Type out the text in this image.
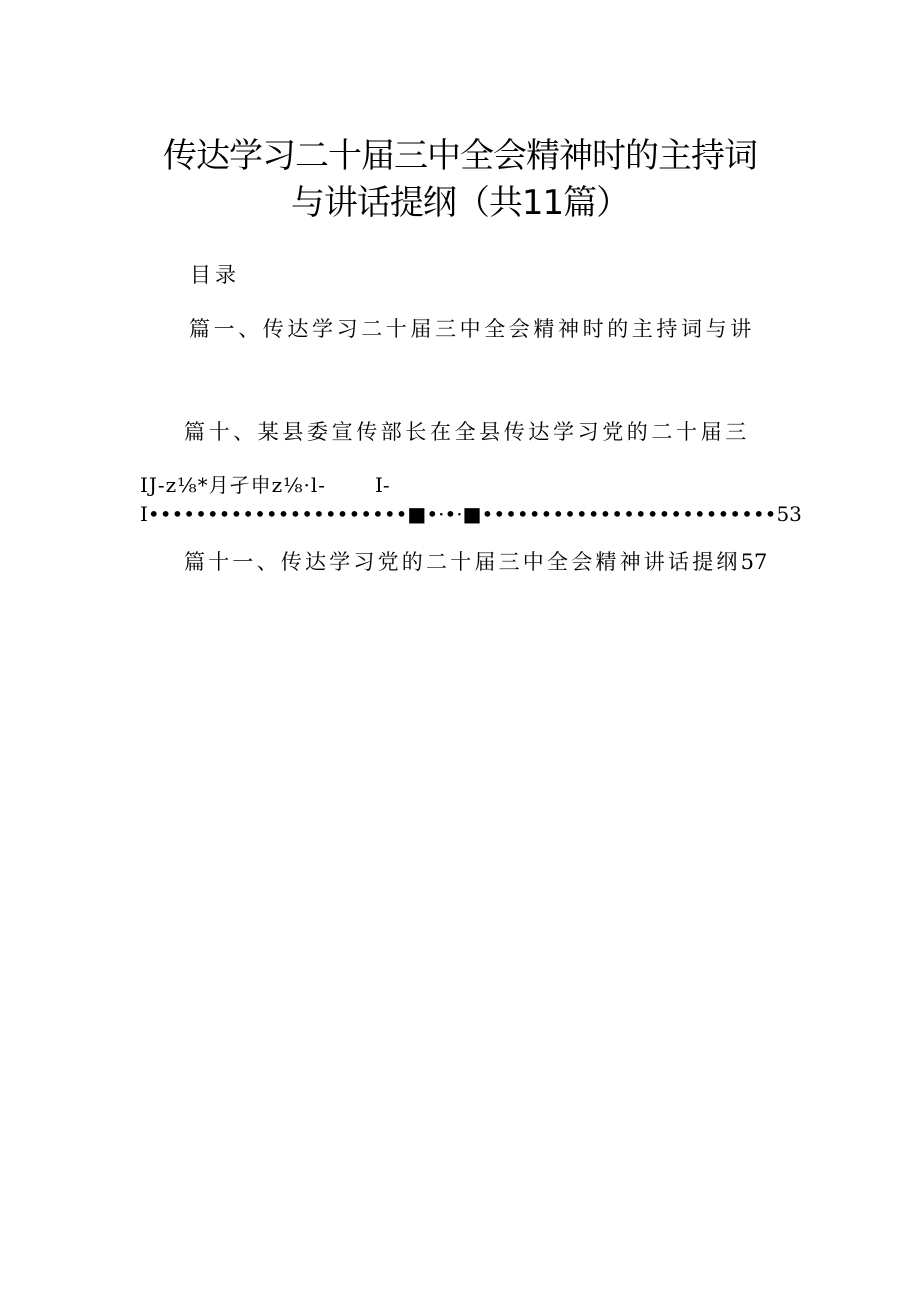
传达学习二十届三中全会精神时的主持词
与讲话提纲（共11篇）
目录
篇一、传达学习二十届三中全会精神时的主持词与讲
篇十、某县委宣传部长在全县传达学习党的二十届三
IJ-z⅛*月孑申z⅛·l- I-
I••••••••••••••••••••••■•·•·■•••••••••••••••••••••••••53
篇十一、传达学习党的二十届三中全会精神讲话提纲57
